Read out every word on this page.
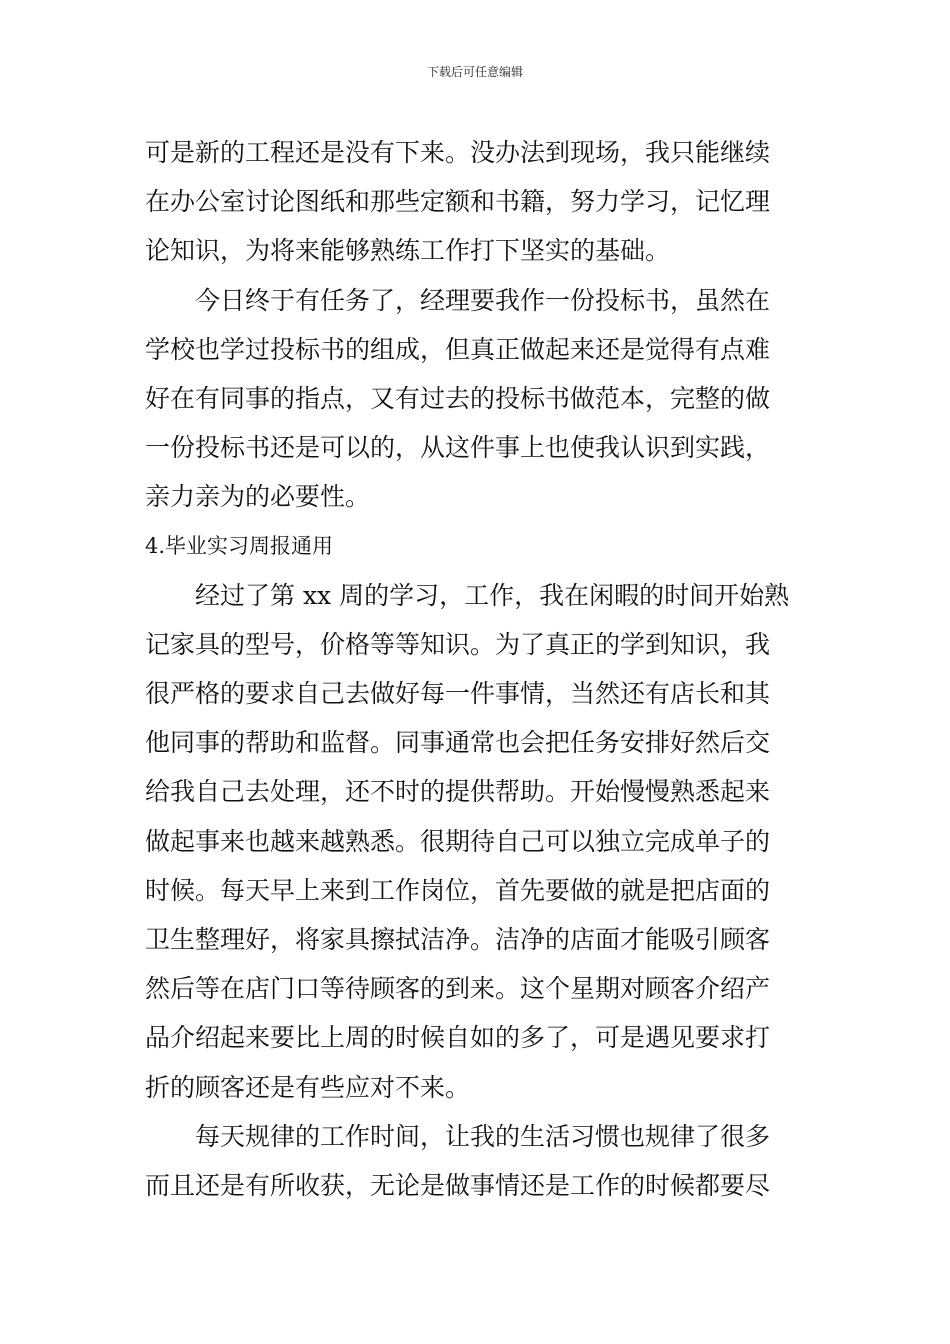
下载后可任意编辑
可是新的工程还是没有下来。没办法到现场，我只能继续
在办公室讨论图纸和那些定额和书籍，努力学习，记忆理
论知识，为将来能够熟练工作打下坚实的基础。
今日终于有任务了，经理要我作一份投标书，虽然在
学校也学过投标书的组成，但真正做起来还是觉得有点难
好在有同事的指点，又有过去的投标书做范本，完整的做
一份投标书还是可以的，从这件事上也使我认识到实践，
亲力亲为的必要性。
4.毕业实习周报通用
经过了第 xx 周的学习，工作，我在闲暇的时间开始熟
记家具的型号，价格等等知识。为了真正的学到知识，我
很严格的要求自己去做好每一件事情，当然还有店长和其
他同事的帮助和监督。同事通常也会把任务安排好然后交
给我自己去处理，还不时的提供帮助。开始慢慢熟悉起来
做起事来也越来越熟悉。很期待自己可以独立完成单子的
时候。每天早上来到工作岗位，首先要做的就是把店面的
卫生整理好，将家具擦拭洁净。洁净的店面才能吸引顾客
然后等在店门口等待顾客的到来。这个星期对顾客介绍产
品介绍起来要比上周的时候自如的多了，可是遇见要求打
折的顾客还是有些应对不来。
每天规律的工作时间，让我的生活习惯也规律了很多
而且还是有所收获，无论是做事情还是工作的时候都要尽
